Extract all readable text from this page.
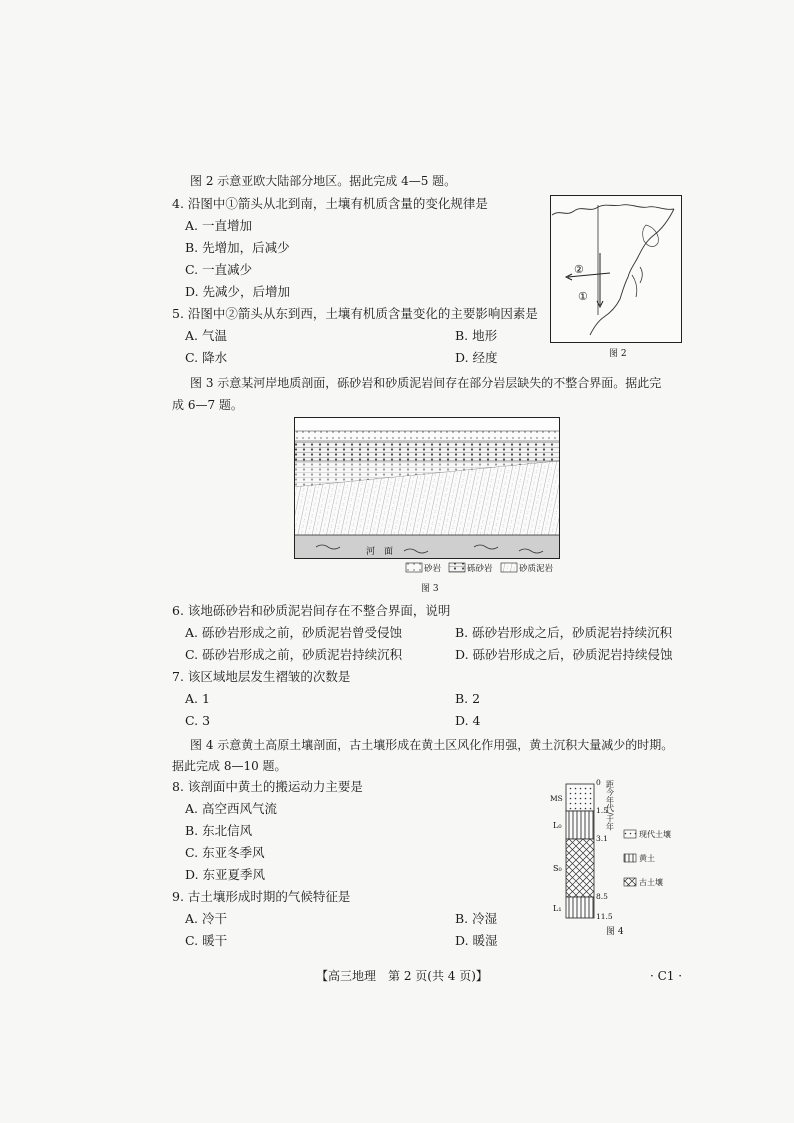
图 2 示意亚欧大陆部分地区。据此完成 4—5 题。
4. 沿图中①箭头从北到南，土壤有机质含量的变化规律是
A. 一直增加
B. 先增加，后减少
C. 一直减少
D. 先减少，后增加
5. 沿图中②箭头从东到西，土壤有机质含量变化的主要影响因素是
A. 气温	B. 地形
C. 降水	D. 经度
②
①
图 2
图 3 示意某河岸地质剖面，砾砂岩和砂质泥岩间存在部分岩层缺失的不整合界面。据此完
成 6—7 题。
河　面
砂岩	砾砂岩	砂质泥岩
图 3
6. 该地砾砂岩和砂质泥岩间存在不整合界面，说明
A. 砾砂岩形成之前，砂质泥岩曾受侵蚀	B. 砾砂岩形成之后，砂质泥岩持续沉积
C. 砾砂岩形成之前，砂质泥岩持续沉积	D. 砾砂岩形成之后，砂质泥岩持续侵蚀
7. 该区域地层发生褶皱的次数是
A. 1	B. 2
C. 3	D. 4
图 4 示意黄土高原土壤剖面，古土壤形成在黄土区风化作用强，黄土沉积大量减少的时期。
据此完成 8—10 题。
8. 该剖面中黄土的搬运动力主要是
A. 高空西风气流
B. 东北信风
C. 东亚冬季风
D. 东亚夏季风
9. 古土壤形成时期的气候特征是
A. 冷干	B. 冷湿
C. 暖干	D. 暖湿
MS
L₀
S₀
L₁
0
1.5
3.1
8.5
11.5
距今年代/千年
现代土壤
黄土
古土壤
图 4
【高三地理　第 2 页(共 4 页)】	· C1 ·
